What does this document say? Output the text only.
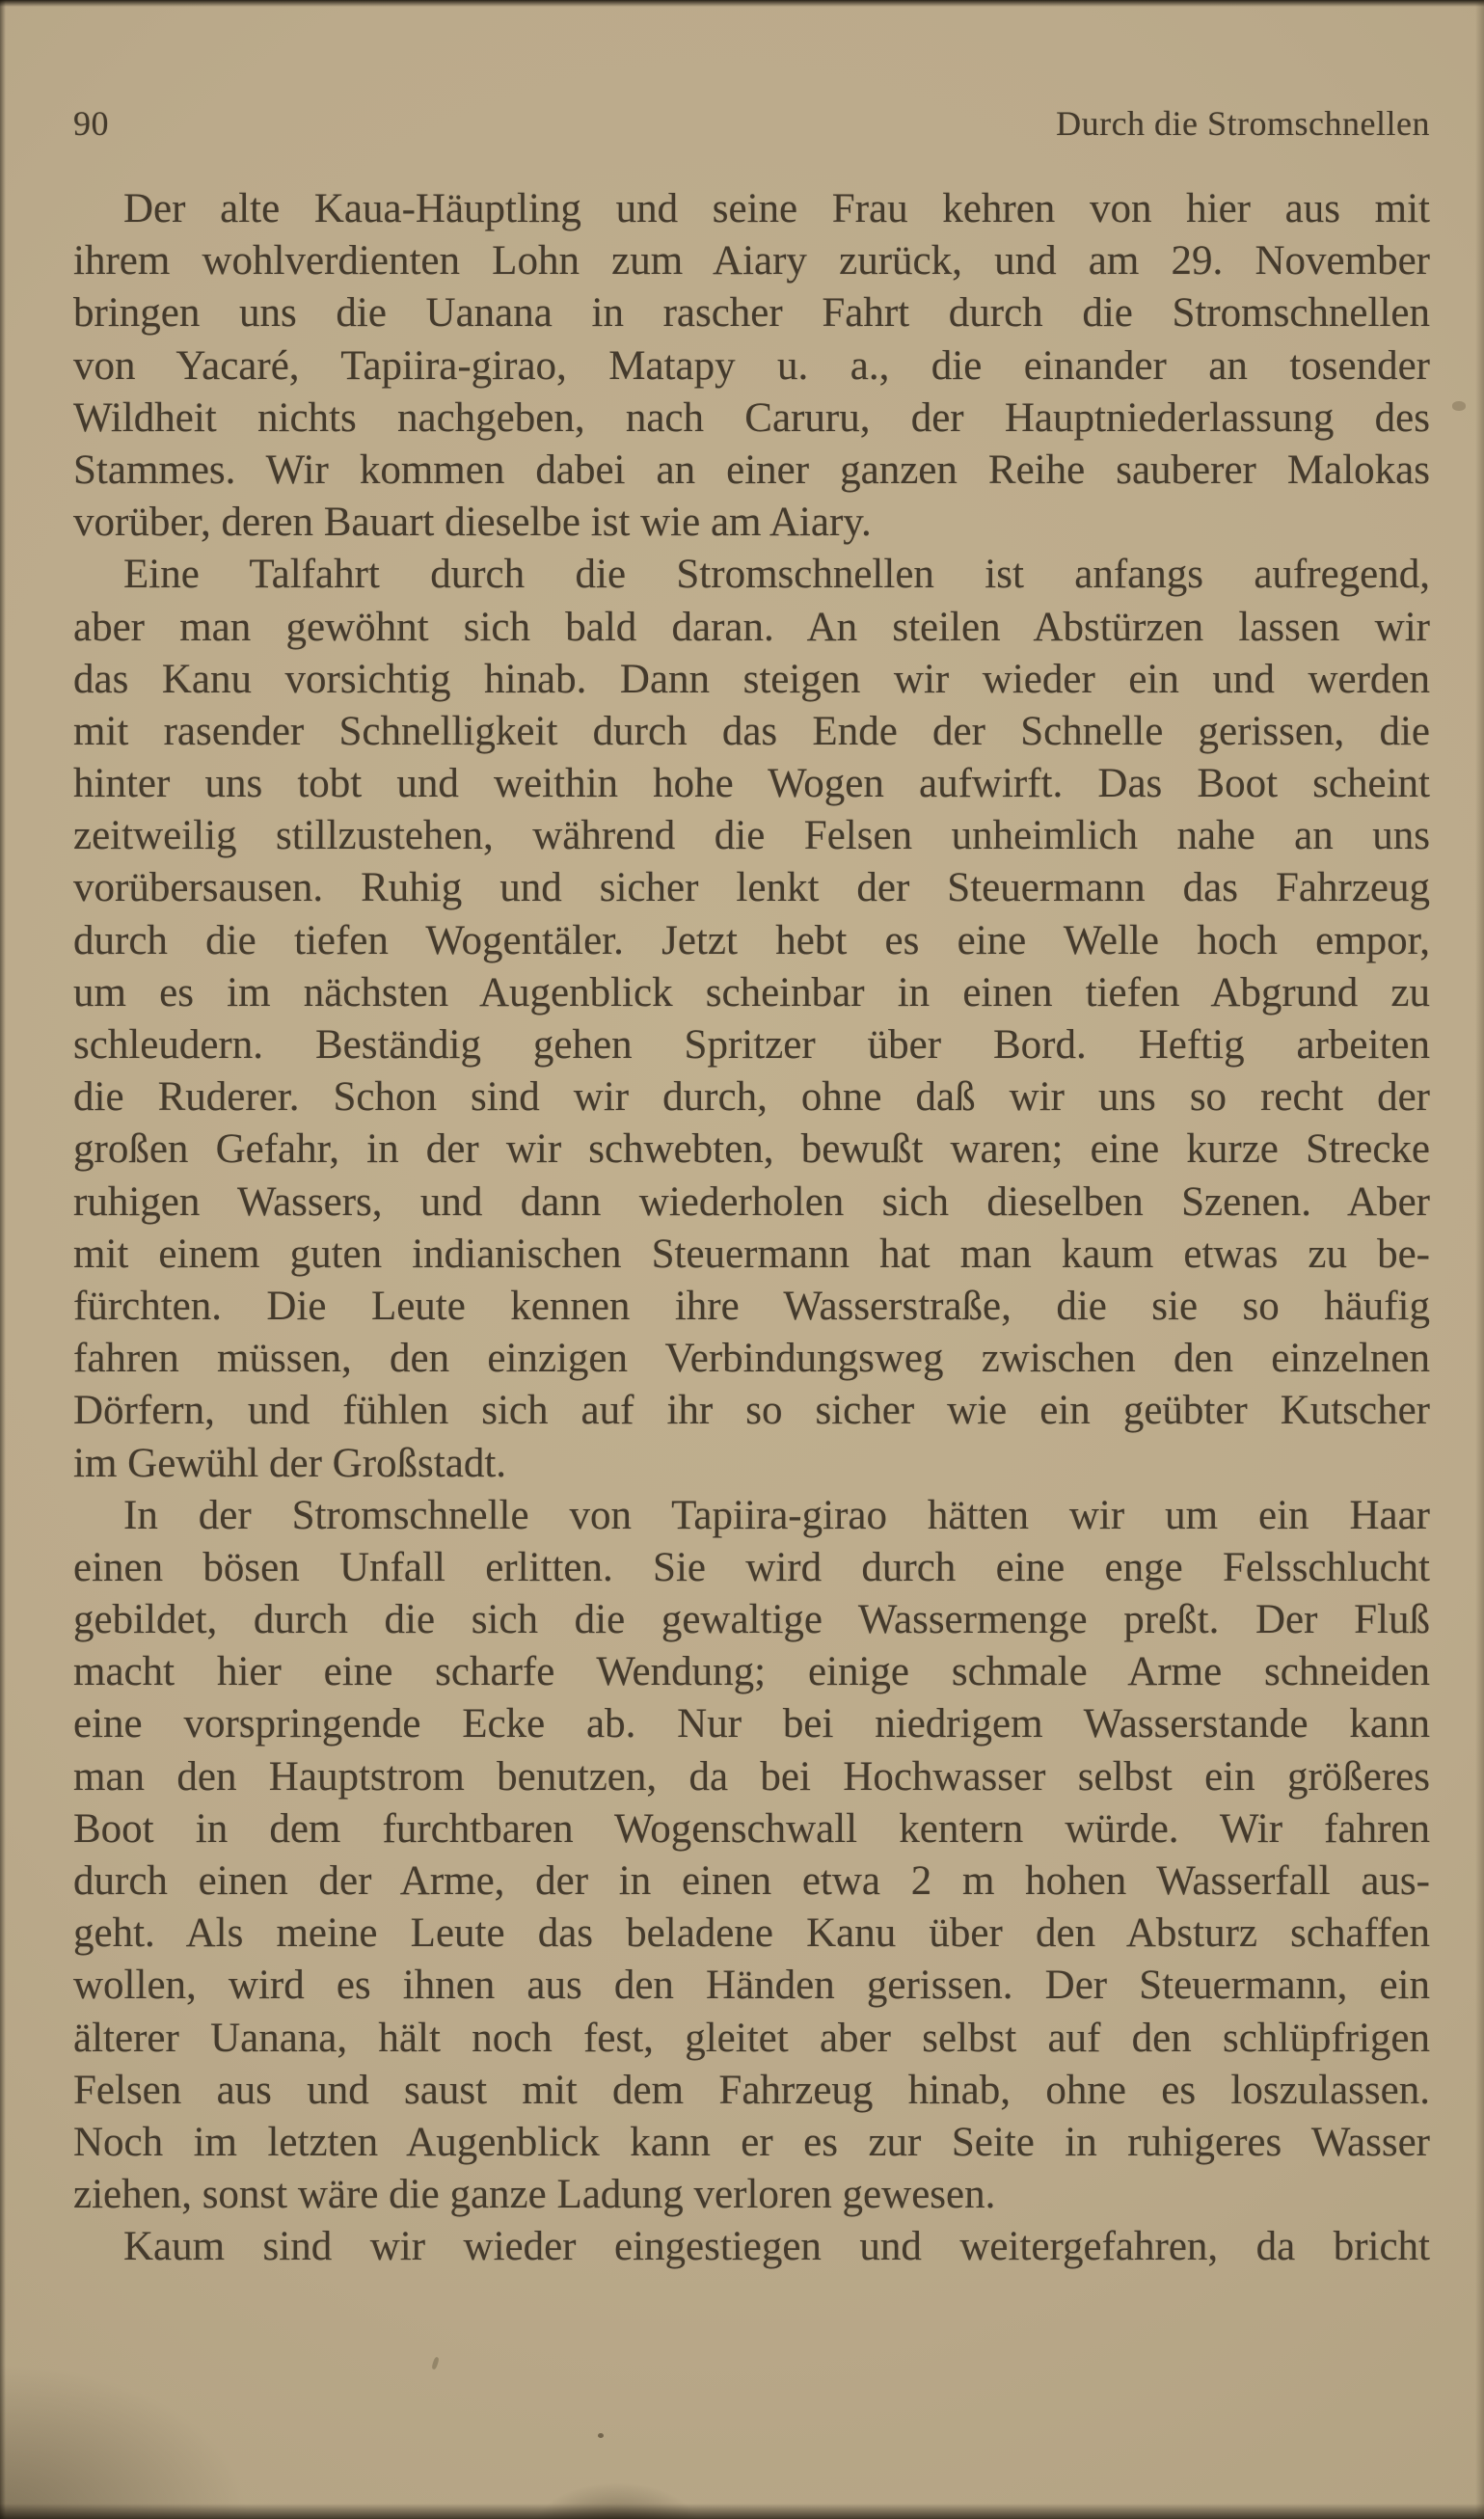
90	Durch die Stromschnellen
Der alte Kaua-Häuptling und seine Frau kehren von hier aus mit
ihrem wohlverdienten Lohn zum Aiary zurück, und am 29. November
bringen uns die Uanana in rascher Fahrt durch die Stromschnellen
von Yacaré, Tapiira-girao, Matapy u. a., die einander an tosender
Wildheit nichts nachgeben, nach Caruru, der Hauptniederlassung des
Stammes. Wir kommen dabei an einer ganzen Reihe sauberer Malokas
vorüber, deren Bauart dieselbe ist wie am Aiary.
Eine Talfahrt durch die Stromschnellen ist anfangs aufregend,
aber man gewöhnt sich bald daran. An steilen Abstürzen lassen wir
das Kanu vorsichtig hinab. Dann steigen wir wieder ein und werden
mit rasender Schnelligkeit durch das Ende der Schnelle gerissen, die
hinter uns tobt und weithin hohe Wogen aufwirft. Das Boot scheint
zeitweilig stillzustehen, während die Felsen unheimlich nahe an uns
vorübersausen. Ruhig und sicher lenkt der Steuermann das Fahrzeug
durch die tiefen Wogentäler. Jetzt hebt es eine Welle hoch empor,
um es im nächsten Augenblick scheinbar in einen tiefen Abgrund zu
schleudern. Beständig gehen Spritzer über Bord. Heftig arbeiten
die Ruderer. Schon sind wir durch, ohne daß wir uns so recht der
großen Gefahr, in der wir schwebten, bewußt waren; eine kurze Strecke
ruhigen Wassers, und dann wiederholen sich dieselben Szenen. Aber
mit einem guten indianischen Steuermann hat man kaum etwas zu be-
fürchten. Die Leute kennen ihre Wasserstraße, die sie so häufig
fahren müssen, den einzigen Verbindungsweg zwischen den einzelnen
Dörfern, und fühlen sich auf ihr so sicher wie ein geübter Kutscher
im Gewühl der Großstadt.
In der Stromschnelle von Tapiira-girao hätten wir um ein Haar
einen bösen Unfall erlitten. Sie wird durch eine enge Felsschlucht
gebildet, durch die sich die gewaltige Wassermenge preßt. Der Fluß
macht hier eine scharfe Wendung; einige schmale Arme schneiden
eine vorspringende Ecke ab. Nur bei niedrigem Wasserstande kann
man den Hauptstrom benutzen, da bei Hochwasser selbst ein größeres
Boot in dem furchtbaren Wogenschwall kentern würde. Wir fahren
durch einen der Arme, der in einen etwa 2 m hohen Wasserfall aus-
geht. Als meine Leute das beladene Kanu über den Absturz schaffen
wollen, wird es ihnen aus den Händen gerissen. Der Steuermann, ein
älterer Uanana, hält noch fest, gleitet aber selbst auf den schlüpfrigen
Felsen aus und saust mit dem Fahrzeug hinab, ohne es loszulassen.
Noch im letzten Augenblick kann er es zur Seite in ruhigeres Wasser
ziehen, sonst wäre die ganze Ladung verloren gewesen.
Kaum sind wir wieder eingestiegen und weitergefahren, da bricht
